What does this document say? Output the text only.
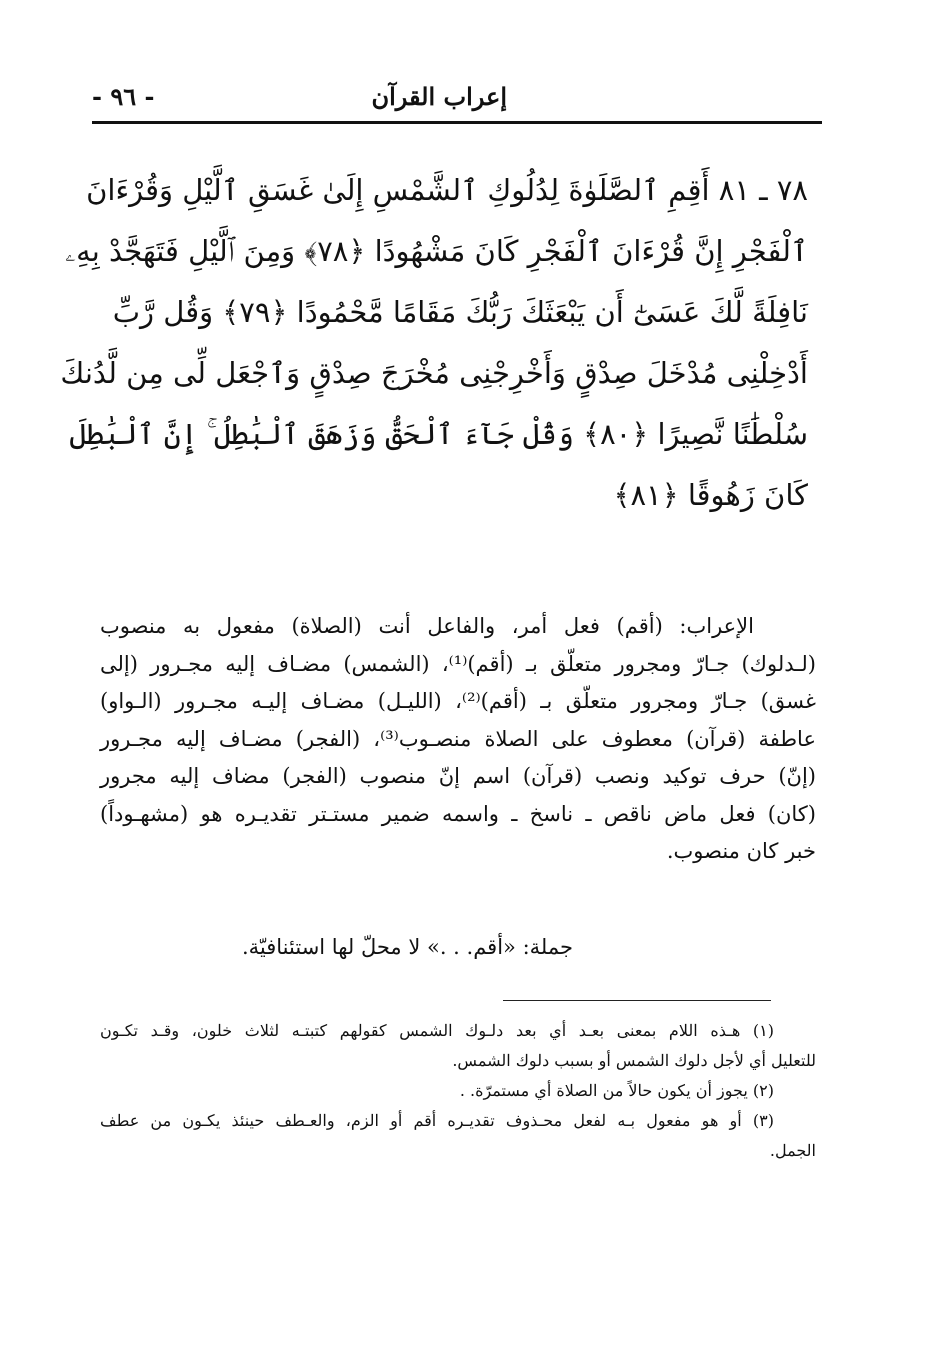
إعراب القرآن
- ٩٦ -
٧٨ ـ ٨١ أَقِمِ ٱلصَّلَوٰةَ لِدُلُوكِ ٱلشَّمْسِ إِلَىٰ غَسَقِ ٱلَّيْلِ وَقُرْءَانَ
ٱلْفَجْرِ إِنَّ قُرْءَانَ ٱلْفَجْرِ كَانَ مَشْهُودًا ﴿٧٨﴾ وَمِنَ ٱلَّيْلِ فَتَهَجَّدْ بِهِۦ
نَافِلَةً لَّكَ عَسَىٰٓ أَن يَبْعَثَكَ رَبُّكَ مَقَامًا مَّحْمُودًا ﴿٧٩﴾ وَقُل رَّبِّ
أَدْخِلْنِى مُدْخَلَ صِدْقٍ وَأَخْرِجْنِى مُخْرَجَ صِدْقٍ وَٱجْعَل لِّى مِن لَّدُنكَ
سُلْطَٰنًا نَّصِيرًا ﴿٨٠﴾ وَقُلْ جَآءَ ٱلْحَقُّ وَزَهَقَ ٱلْبَٰطِلُ ۚ إِنَّ ٱلْبَٰطِلَ
كَانَ زَهُوقًا ﴿٨١﴾
الإعراب: (أقم) فعل أمر، والفاعل أنت (الصلاة) مفعول به منصوب
(لـدلوك) جـارّ ومجرور متعلّق بـ (أقم)⁽¹⁾، (الشمس) مضـاف إليه مجـرور (إلى
غسق) جـارّ ومجرور متعلّق بـ (أقم)⁽²⁾، (الليـل) مضـاف إليـه مجـرور (الـواو)
عاطفة (قرآن) معطوف على الصلاة منصـوب⁽³⁾، (الفجر) مضـاف إليه مجـرور
(إنّ) حرف توكيد ونصب (قرآن) اسم إنّ منصوب (الفجر) مضاف إليه مجرور
(كان) فعل ماض ناقص ـ ناسخ ـ واسمه ضمير مستـتر تقديـره هو (مشهـوداً)
خبر كان منصوب.
جملة: «أقم. . .» لا محلّ لها استئنافيّة.
(١) هـذه اللام بمعنى بعـد أي بعد دلـوك الشمس كقولهم كتبتـه لثلاث خلون، وقـد تكـون
للتعليل أي لأجل دلوك الشمس أو بسبب دلوك الشمس.
(٢) يجوز أن يكون حالاً من الصلاة أي مستمرّة. .
(٣) أو هو مفعول بـه لفعل محـذوف تقديـره أقم أو الزم، والعـطف حينئذ يكـون من عطف
الجمل.
